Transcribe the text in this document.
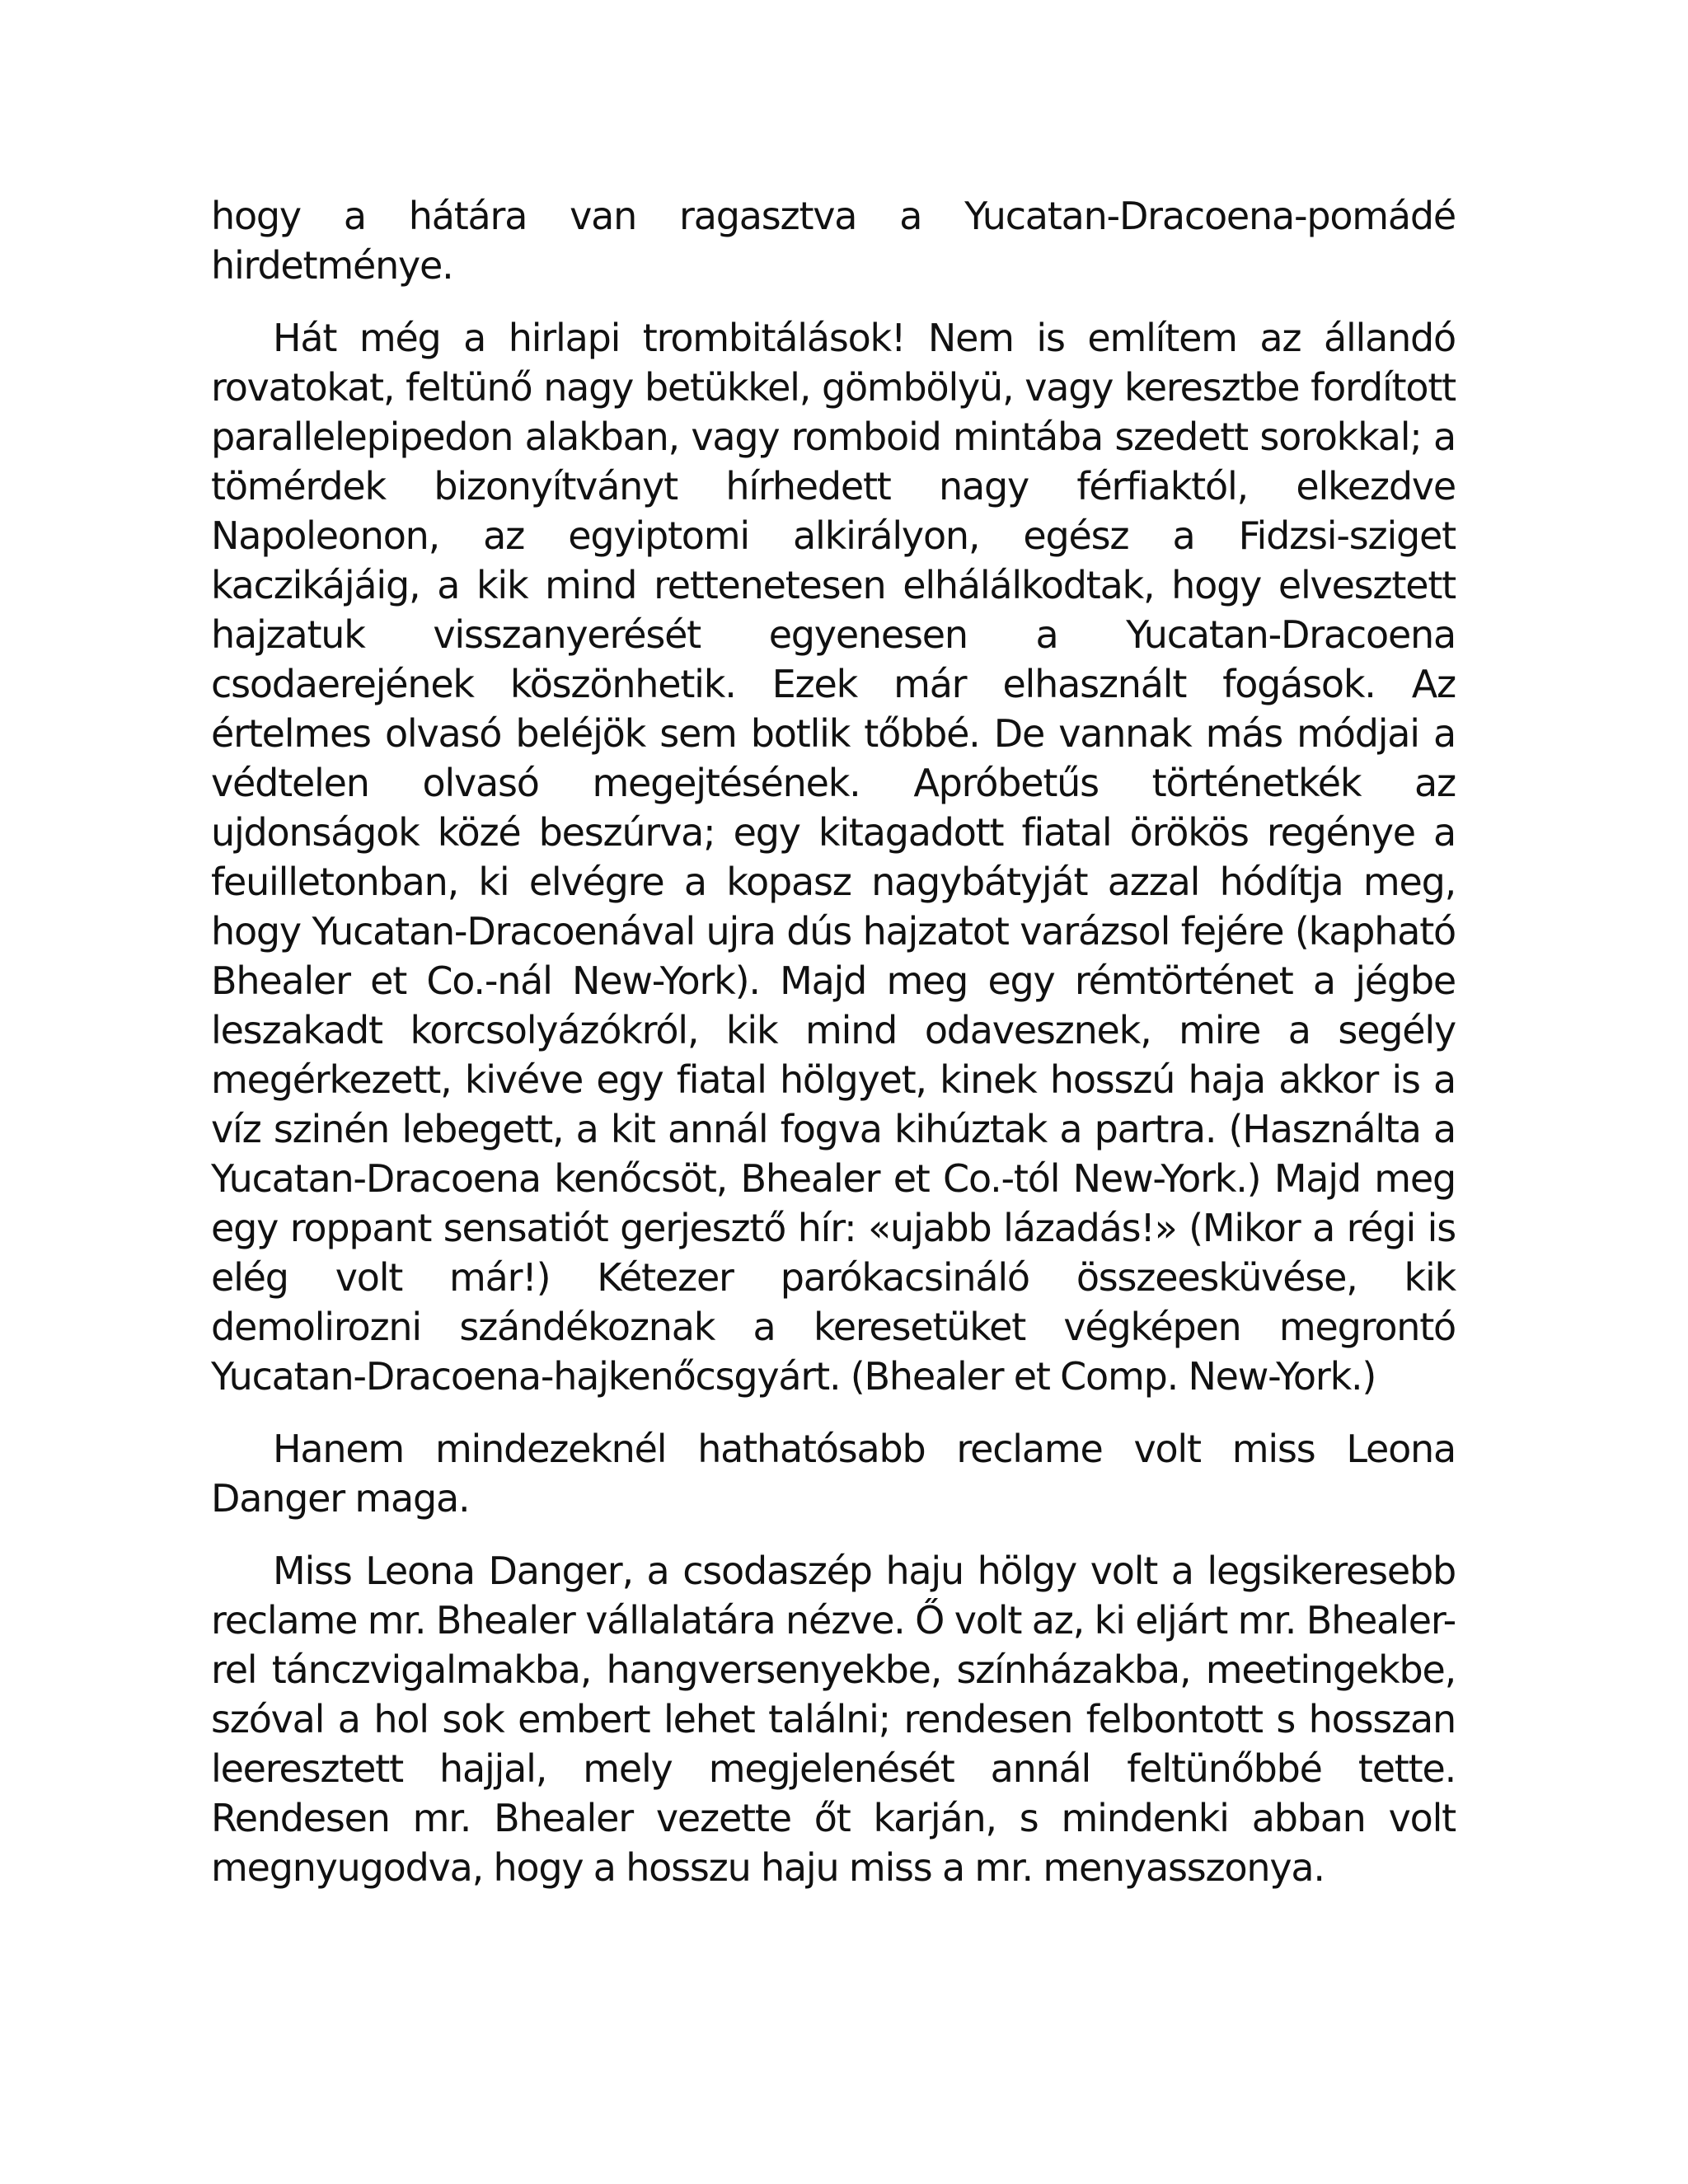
hogy a hátára van ragasztva a Yucatan-Dracoena-pomádé hirdetménye.

Hát még a hirlapi trombitálások! Nem is említem az állandó rovatokat, feltünő nagy betükkel, gömbölyü, vagy keresztbe fordított parallelepipedon alakban, vagy romboid mintába szedett sorokkal; a tömérdek bizonyítványt hírhedett nagy férfiaktól, elkezdve Napoleonon, az egyiptomi alkirályon, egész a Fidzsi-sziget kaczikájáig, a kik mind rettenetesen elhálálkodtak, hogy elvesztett hajzatuk visszanyerését egyenesen a Yucatan-Dracoena csodaerejének köszönhetik. Ezek már elhasznált fogások. Az értelmes olvasó beléjök sem botlik tőbbé. De vannak más módjai a védtelen olvasó megejtésének. Apróbetűs történetkék az ujdonságok közé beszúrva; egy kitagadott fiatal örökös regénye a feuilletonban, ki elvégre a kopasz nagybátyját azzal hódítja meg, hogy Yucatan-Dracoenával ujra dús hajzatot varázsol fejére (kapható Bhealer et Co.-nál New-York). Majd meg egy rémtörténet a jégbe leszakadt korcsolyázókról, kik mind odavesznek, mire a segély megérkezett, kivéve egy fiatal hölgyet, kinek hosszú haja akkor is a víz szinén lebegett, a kit annál fogva kihúztak a partra. (Használta a Yucatan-Dracoena kenőcsöt, Bhealer et Co.-tól New-York.) Majd meg egy roppant sensatiót gerjesztő hír: «ujabb lázadás!» (Mikor a régi is elég volt már!) Kétezer parókacsináló összeesküvése, kik demolirozni szándékoznak a keresetüket végképen megrontó Yucatan-Dracoena-hajkenőcsgyárt. (Bhealer et Comp. New-York.)

Hanem mindezeknél hathatósabb reclame volt miss Leona Danger maga.

Miss Leona Danger, a csodaszép haju hölgy volt a legsikeresebb reclame mr. Bhealer vállalatára nézve. Ő volt az, ki eljárt mr. Bhealer-rel tánczvigalmakba, hangversenyekbe, színházakba, meetingekbe, szóval a hol sok embert lehet találni; rendesen felbontott s hosszan leeresztett hajjal, mely megjelenését annál feltünőbbé tette. Rendesen mr. Bhealer vezette őt karján, s mindenki abban volt megnyugodva, hogy a hosszu haju miss a mr. menyasszonya.
